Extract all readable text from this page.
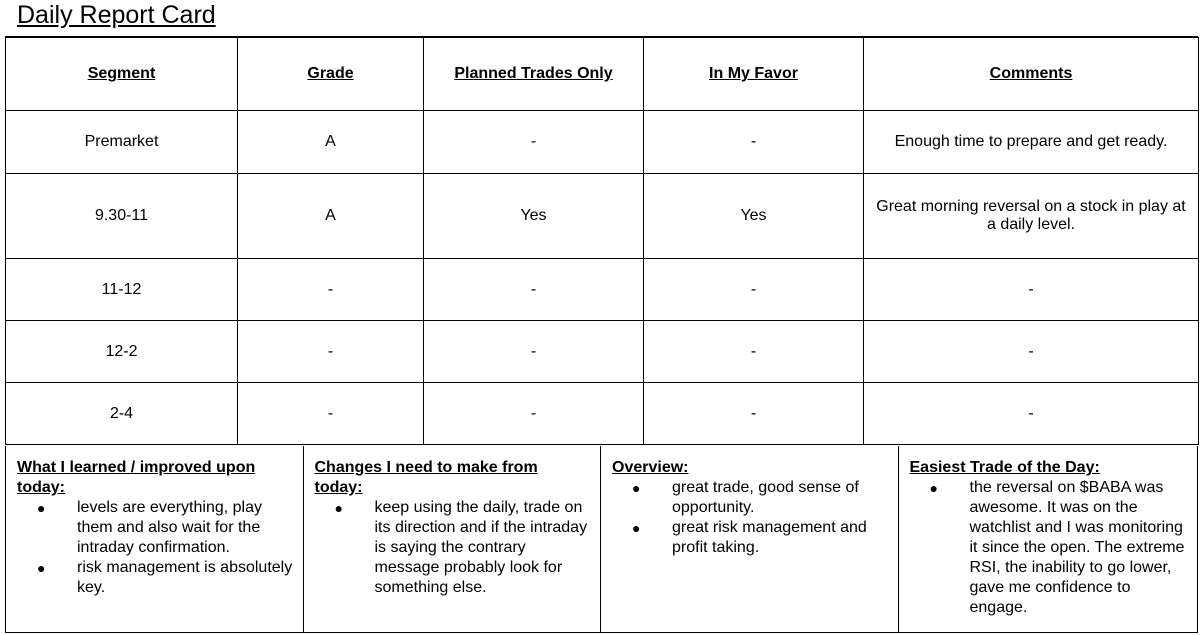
Daily Report Card
Segment	Grade	Planned Trades Only	In My Favor	Comments
Premarket	A	-	-	Enough time to prepare and get ready.
9.30-11	A	Yes	Yes	Great morning reversal on a stock in play at a daily level.
11-12	-	-	-	-
12-2	-	-	-	-
2-4	-	-	-	-
What I learned / improved upon today:
● levels are everything, play them and also wait for the intraday confirmation.
● risk management is absolutely key.
Changes I need to make from today:
● keep using the daily, trade on its direction and if the intraday is saying the contrary message probably look for something else.
Overview:
● great trade, good sense of opportunity.
● great risk management and profit taking.
Easiest Trade of the Day:
● the reversal on $BABA was awesome. It was on the watchlist and I was monitoring it since the open. The extreme RSI, the inability to go lower, gave me confidence to engage.
